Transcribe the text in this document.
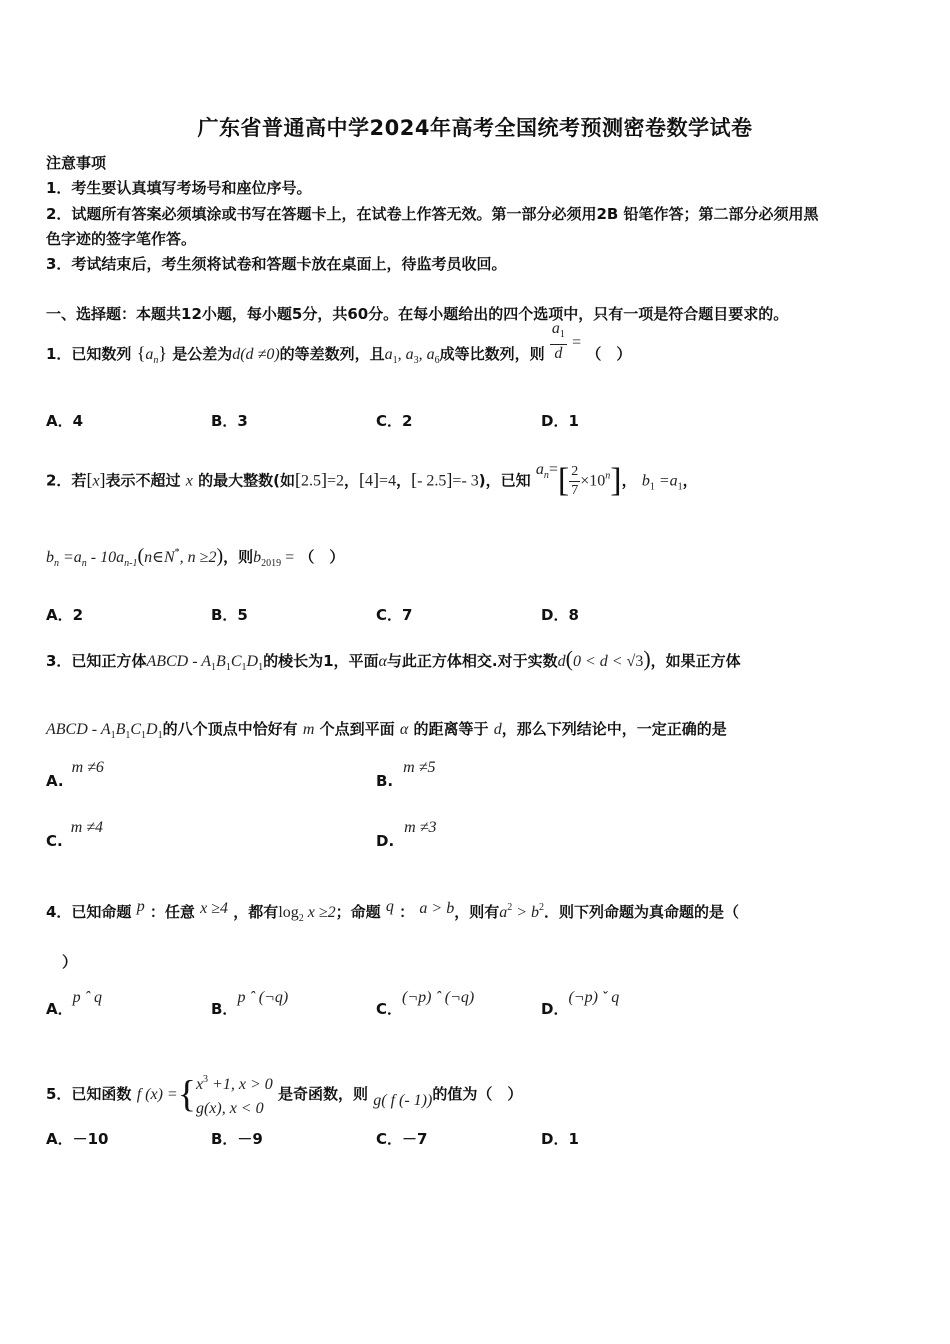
广东省普通高中学2024年高考全国统考预测密卷数学试卷
注意事项
1．考生要认真填写考场号和座位序号。
2．试题所有答案必须填涂或书写在答题卡上，在试卷上作答无效。第一部分必须用2B 铅笔作答；第二部分必须用黑
色字迹的签字笔作答。
3．考试结束后，考生须将试卷和答题卡放在桌面上，待监考员收回。
一、选择题：本题共12小题，每小题5分，共60分。在每小题给出的四个选项中，只有一项是符合题目要求的。
1．已知数列 $\{a_n\}$ 是公差为d(d ≠0)的等差数列，且$a_1$, $a_3$, $a_6$成等比数列，则 $\frac{a_1}{d}$ = （　）
A．4	B．3	C．2	D．1
2．若[x]表示不超过 x 的最大整数(如[2.5]=2，[4]=4，[- 2.5]=- 3)，已知 $a_n=[ \frac{2}{7} \times 10^n]$， $b_1 =a_1$，
$b_n =a_n$ - $10a_{n-1}(n\in N^*$, n ≥2)，则$b_{2019}$ = （　）
A．2	B．5	C．7	D．8
3．已知正方体ABCD - $A_1B_1C_1D_1$的棱长为1，平面α与此正方体相交.对于实数d(0 < d < √3)，如果正方体
ABCD - $A_1B_1C_1D_1$的八个顶点中恰好有 m 个点到平面 α 的距离等于 d，那么下列结论中，一定正确的是
A.m ≠6
B.m ≠5
C.m ≠4
D.m ≠3
4．已知命题 p ：任意 x ≥4 ，都有$\log_2 x \ge 2$；命题 q ： a > b，则有$a^2 > b^2$．则下列命题为真命题的是（
）
A．p ˆ q
B．p ˆ (¬q)
C．(¬p) ˆ (¬q)
D．(¬p) ˇ q
5．已知函数 f (x) ={ $x^3 +1$, x > 0
g(x), x < 0
是奇函数，则 g( f (- 1))的值为（　）
A．－10	B．－9	C．－7	D．1
